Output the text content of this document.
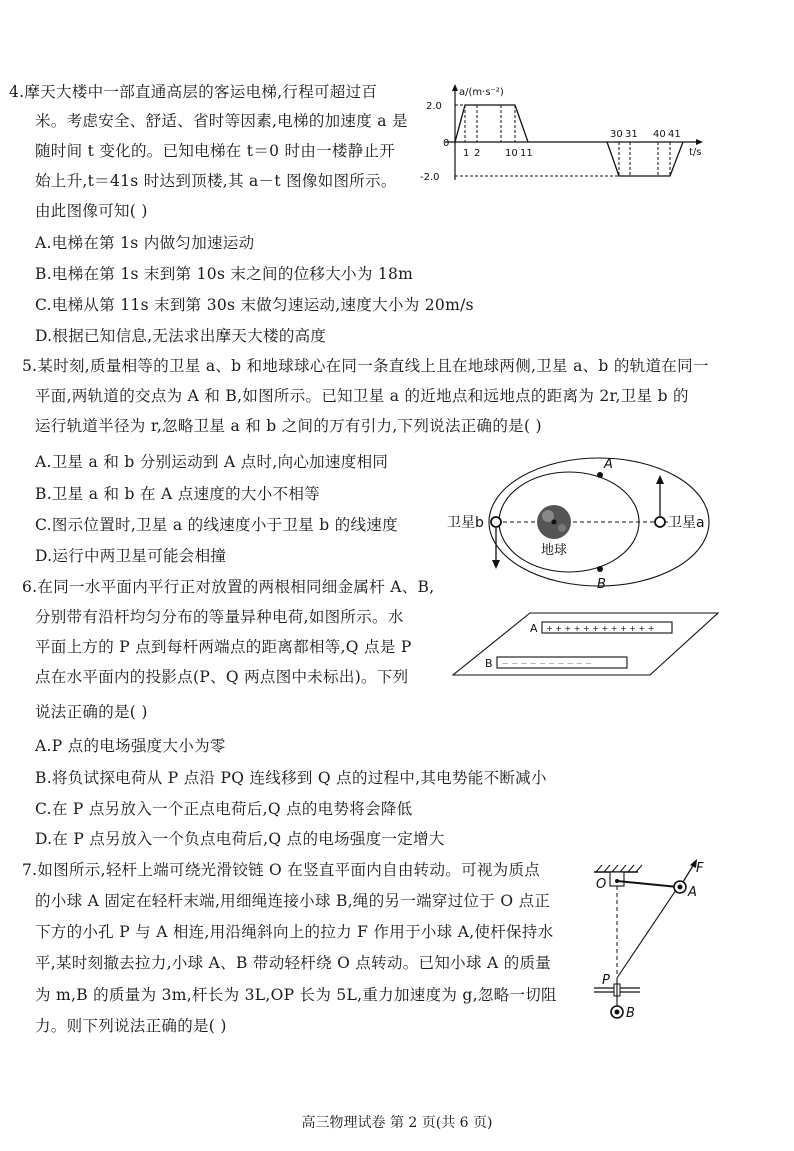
4.摩天大楼中一部直通高层的客运电梯,行程可超过百
米。考虑安全、舒适、省时等因素,电梯的加速度 a 是
随时间 t 变化的。已知电梯在 t＝0 时由一楼静止开
始上升,t＝41s 时达到顶楼,其 a－t 图像如图所示。
由此图像可知( )
A.电梯在第 1s 内做匀加速运动
B.电梯在第 1s 末到第 10s 末之间的位移大小为 18m
C.电梯从第 11s 末到第 30s 末做匀速运动,速度大小为 20m/s
D.根据已知信息,无法求出摩天大楼的高度
a/(m·s⁻²)
2.0
0
-2.0
1 2 10 11
30 31 40 41
t/s
5.某时刻,质量相等的卫星 a、b 和地球球心在同一条直线上且在地球两侧,卫星 a、b 的轨道在同一
平面,两轨道的交点为 A 和 B,如图所示。已知卫星 a 的近地点和远地点的距离为 2r,卫星 b 的
运行轨道半径为 r,忽略卫星 a 和 b 之间的万有引力,下列说法正确的是( )
A.卫星 a 和 b 分别运动到 A 点时,向心加速度相同
B.卫星 a 和 b 在 A 点速度的大小不相等
C.图示位置时,卫星 a 的线速度小于卫星 b 的线速度
D.运行中两卫星可能会相撞
A
B
卫星b	卫星a
地球
6.在同一水平面内平行正对放置的两根相同细金属杆 A、B,
分别带有沿杆均匀分布的等量异种电荷,如图所示。水
平面上方的 P 点到每杆两端点的距离都相等,Q 点是 P
点在水平面内的投影点(P、Q 两点图中未标出)。下列
说法正确的是( )
A.P 点的电场强度大小为零
B.将负试探电荷从 P 点沿 PQ 连线移到 Q 点的过程中,其电势能不断减小
C.在 P 点另放入一个正点电荷后,Q 点的电势将会降低
D.在 P 点另放入一个负点电荷后,Q 点的电场强度一定增大
A
B
+ + + + + + + + + + + +
－ － － － － － － － － －
7.如图所示,轻杆上端可绕光滑铰链 O 在竖直平面内自由转动。可视为质点
的小球 A 固定在轻杆末端,用细绳连接小球 B,绳的另一端穿过位于 O 点正
下方的小孔 P 与 A 相连,用沿绳斜向上的拉力 F 作用于小球 A,使杆保持水
平,某时刻撤去拉力,小球 A、B 带动轻杆绕 O 点转动。已知小球 A 的质量
为 m,B 的质量为 3m,杆长为 3L,OP 长为 5L,重力加速度为 g,忽略一切阻
力。则下列说法正确的是( )
F
O
A
P
B
高三物理试卷 第 2 页(共 6 页)
